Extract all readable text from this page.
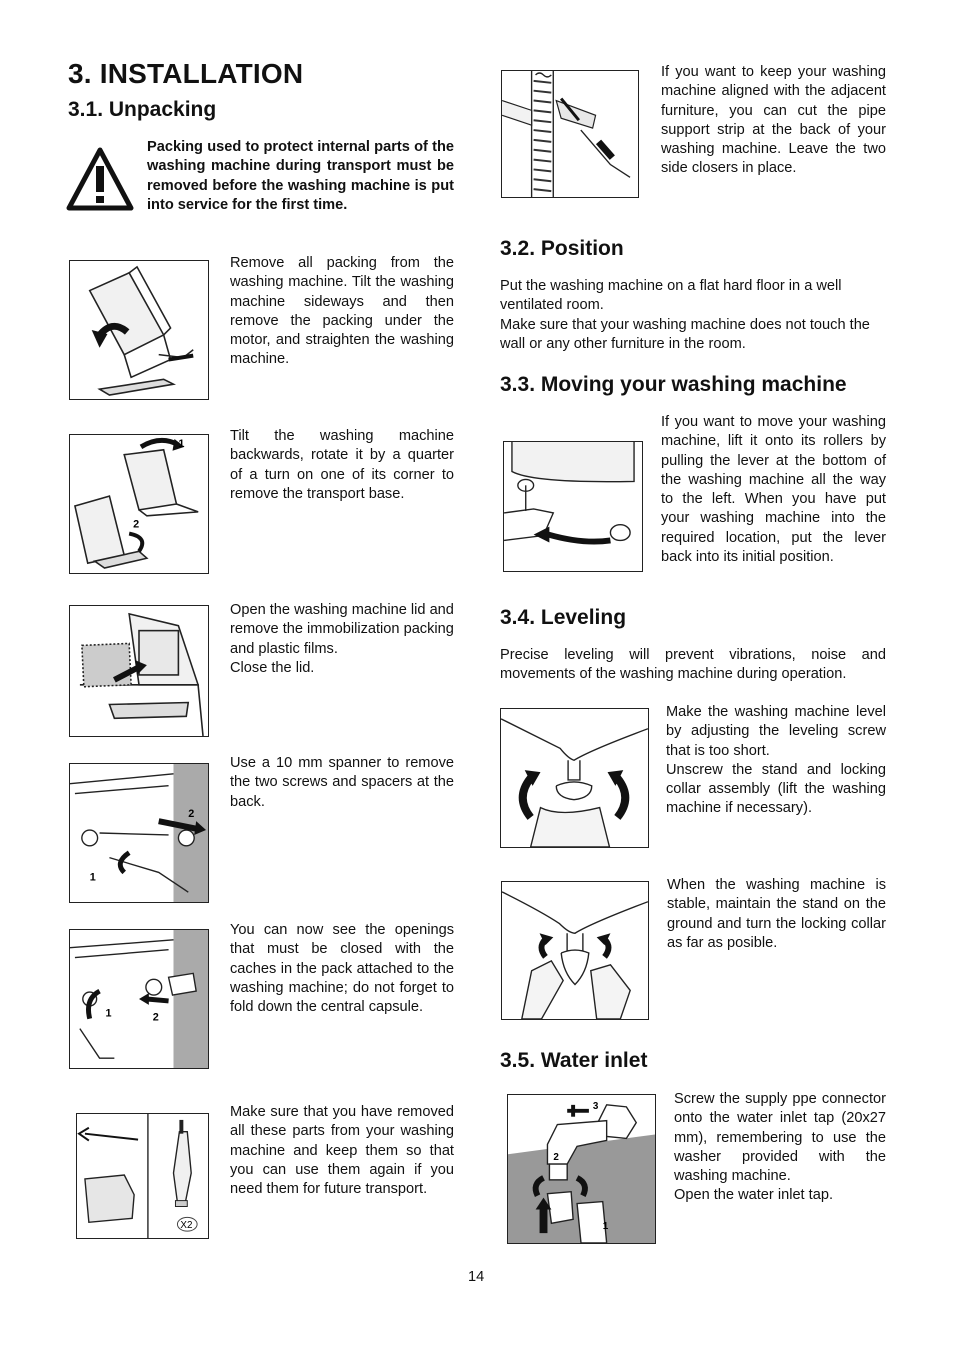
3. INSTALLATION
3.1. Unpacking

Packing used to protect internal parts of the washing machine during transport must be removed before the washing machine is put into service for the first time.

Remove all packing from the washing machine. Tilt the washing machine sideways and then remove the packing under the motor, and straighten the washing machine.

1
2

Tilt the washing machine backwards, rotate it by a quarter of a turn on one of its corner to remove the transport base.

Open the washing machine lid and remove the immobilization packing and plastic films.
Close the lid.

2
1

Use a 10 mm spanner to remove the two screws and spacers at the back.

1	2

You can now see the openings that must be closed with the caches in the pack attached to the washing machine; do not forget to fold down the central capsule.

X2

Make sure that you have removed all these parts from your washing machine and keep them so that you can use them again if you need them for future transport.

If you want to keep your washing machine aligned with the adjacent furniture, you can cut the pipe support strip at the back of your washing machine. Leave the two side closers in place.

3.2. Position

Put the washing machine on a flat hard floor in a well ventilated room.
Make sure that your washing machine does not touch the wall or any other furniture in the room.

3.3. Moving your washing machine

If you want to move your washing machine, lift it onto its rollers by pulling the lever at the bottom of the washing machine all the way to the left. When you have put your washing machine into the required location, put the lever back into its initial position.

3.4. Leveling

Precise leveling will prevent vibrations, noise and movements of the washing machine during operation.

Make the washing machine level by adjusting the leveling screw that is too short.
Unscrew the stand and locking collar assembly (lift the washing machine if necessary).

When the washing machine is stable, maintain the stand on the ground and turn the locking collar as far as posible.

3.5. Water inlet
3
2
1

Screw the supply ppe connector onto the water inlet tap (20x27 mm), remembering to use the washer provided with the washing machine.
Open the water inlet tap.

14
